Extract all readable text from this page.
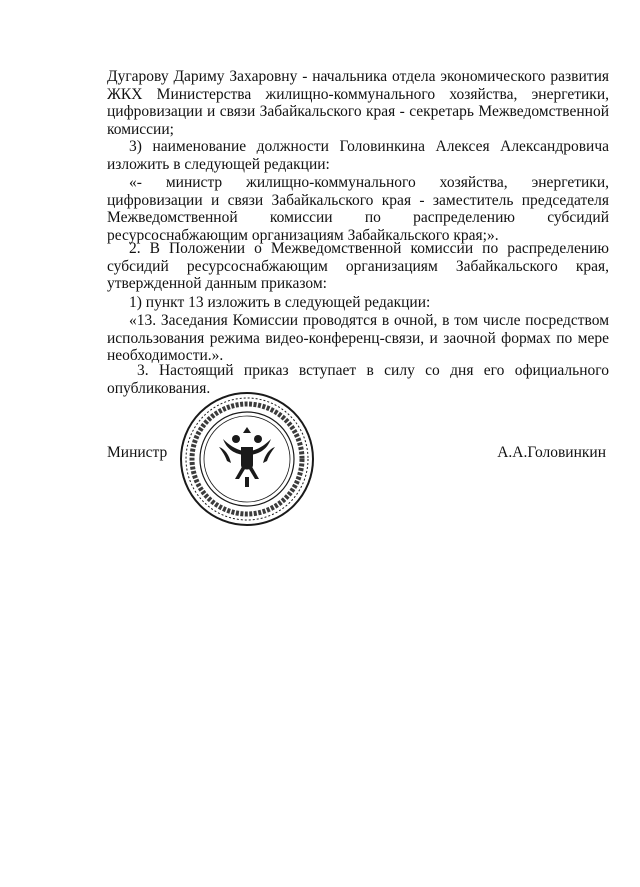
Дугарову Дариму Захаровну - начальника отдела экономического развития ЖКХ Министерства жилищно-коммунального хозяйства, энергетики, цифровизации и связи Забайкальского края - секретарь Межведомственной комиссии;

3) наименование должности Головинкина Алексея Александровича изложить в следующей редакции:

«- министр жилищно-коммунального хозяйства, энергетики, цифровизации и связи Забайкальского края - заместитель председателя Межведомственной комиссии по распределению субсидий ресурсоснабжающим организациям Забайкальского края;».

2. В Положении о Межведомственной комиссии по распределению субсидий ресурсоснабжающим организациям Забайкальского края, утвержденной данным приказом:

1) пункт 13 изложить в следующей редакции:

«13. Заседания Комиссии проводятся в очной, в том числе посредством использования режима видео-конференц-связи, и заочной формах по мере необходимости.».

3. Настоящий приказ вступает в силу со дня его официального опубликования.

Министр	А.А.Головинкин
